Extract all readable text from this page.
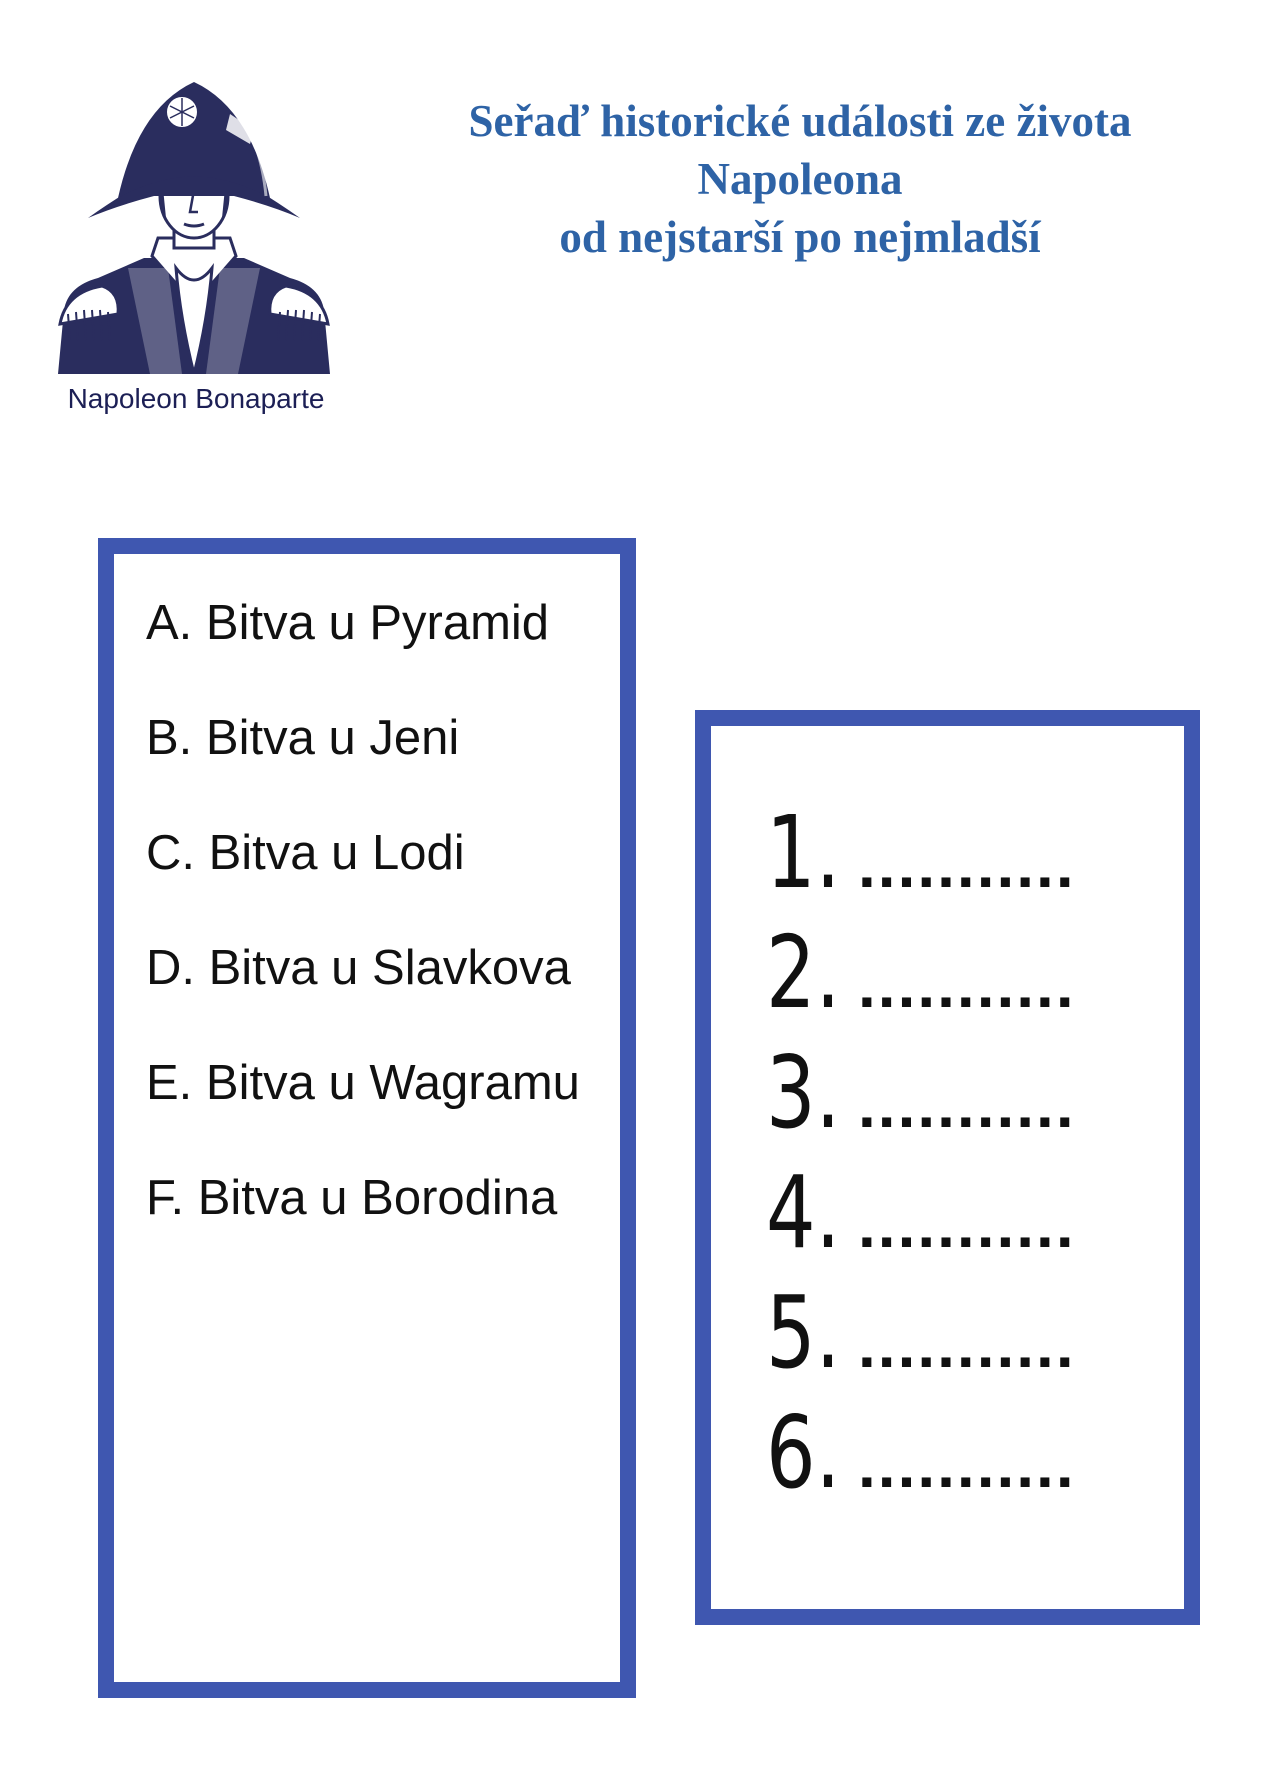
Napoleon Bonaparte
Seřaď historické události ze života
Napoleona
od nejstarší po nejmladší
A. Bitva u Pyramid
B. Bitva u Jeni
C. Bitva u Lodi
D. Bitva u Slavkova
E. Bitva u Wagramu
F. Bitva u Borodina
1. ...........
2. ...........
3. ...........
4. ...........
5. ...........
6. ...........
